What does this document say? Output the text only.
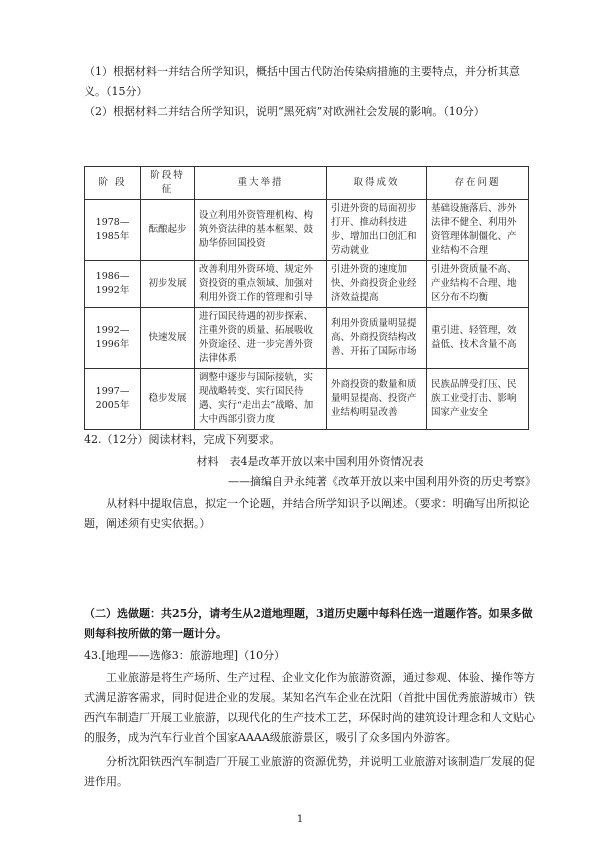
（1）根据材料一并结合所学知识，概括中国古代防治传染病措施的主要特点，并分析其意义。（15分）

（2）根据材料二并结合所学知识，说明“黑死病”对欧洲社会发展的影响。（10分）

阶 段	阶段特征	重大举措	取得成效	存在问题
1978—1985年	酝酿起步	设立利用外资管理机构、构筑外资法律的基本框架、鼓励华侨回国投资	引进外资的局面初步打开、推动科技进步、增加出口创汇和劳动就业	基础设施落后、涉外法律不健全、利用外资管理体制僵化、产业结构不合理
1986—1992年	初步发展	改善利用外资环境、规定外资投资的重点领域、加强对利用外资工作的管理和引导	引进外资的速度加快、外商投资企业经济效益提高	引进外资质量不高、产业结构不合理、地区分布不均衡
1992—1996年	快速发展	进行国民待遇的初步探索、注重外资的质量、拓展吸收外资途径、进一步完善外资法律体系	利用外资质量明显提高、外商投资结构改善、开拓了国际市场	重引进、轻管理，效益低、技术含量不高
1997—2005年	稳步发展	调整中逐步与国际接轨，实现战略转变、实行国民待遇、实行“走出去”战略、加大中西部引资力度	外商投资的数量和质量明显提高、投资产业结构明显改善	民族品牌受打压、民族工业受打击、影响国家产业安全

42.（12分）阅读材料，完成下列要求。

材料　表4是改革开放以来中国利用外资情况表

——摘编自尹永纯著《改革开放以来中国利用外资的历史考察》

从材料中提取信息，拟定一个论题，并结合所学知识予以阐述。（要求：明确写出所拟论题，阐述须有史实依据。）

（二）选做题：共25分，请考生从2道地理题，3道历史题中每科任选一道题作答。如果多做则每科按所做的第一题计分。

43.[地理——选修3：旅游地理]（10分）

工业旅游是将生产场所、生产过程、企业文化作为旅游资源，通过参观、体验、操作等方式满足游客需求，同时促进企业的发展。某知名汽车企业在沈阳（首批中国优秀旅游城市）铁西汽车制造厂开展工业旅游，以现代化的生产技术工艺，环保时尚的建筑设计理念和人文贴心的服务，成为汽车行业首个国家AAAA级旅游景区，吸引了众多国内外游客。

分析沈阳铁西汽车制造厂开展工业旅游的资源优势，并说明工业旅游对该制造厂发展的促进作用。

1
